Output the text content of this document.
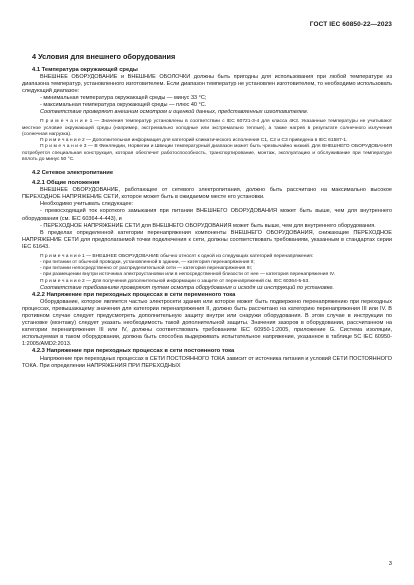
ГОСТ IEC 60850-22—2023
4 Условия для внешнего оборудования
4.1 Температура окружающей среды
ВНЕШНЕЕ ОБОРУДОВАНИЕ и ВНЕШНИЕ ОБОЛОЧКИ должны быть пригодны для использования при любой температуре из диапазона температур, установленного изготовителем. Если диапазон температур не установлен изготовителем, то необходимо использовать следующий диапазон:
- минимальная температура окружающей среды — минус 33 °С;
- максимальная температура окружающей среды — плюс 40 °С.
Соответствие проверяют внешним осмотром и оценкой данных, представленных изготовителем.
П р и м е ч а н и е 1 — Значения температур установлены в соответствии с IEC 60721-3-4 для класса 4K2. Указанные температуры не учитывают местное условие окружающей среды (например, экстремально холодные или экстремально теплые), а также нагрев в результате солнечного излучения (солнечная нагрузка).
П р и м е ч а н и е 2 — Дополнительная информация для категорий климатического исполнения С1, С2 и С3 приведена в IEC 61587-1.
П р и м е ч а н и е 3 — В Финляндии, Норвегии и Швеции температурный диапазон может быть чрезвычайно низкий. Для ВНЕШНЕГО ОБОРУДОВАНИЯ потребуется специальная конструкция, которая обеспечит работоспособность, транспортирование, монтаж, эксплуатацию и обслуживание при температуре вплоть до минус 50 °С.
4.2 Сетевое электропитание
4.2.1 Общие положения
ВНЕШНЕЕ ОБОРУДОВАНИЕ, работающее от сетевого электропитания, должно быть рассчитано на максимально высокое ПЕРЕХОДНОЕ НАПРЯЖЕНИЕ СЕТИ, которое может быть в ожидаемом месте его установки.
Необходимо учитывать следующее:
- превосходящий ток короткого замыкания при питании ВНЕШНЕГО ОБОРУДОВАНИЯ может быть выше, чем для внутреннего оборудования (см. IEC 60364-4-443), и
- ПЕРЕХОДНОЕ НАПРЯЖЕНИЕ СЕТИ для ВНЕШНЕГО ОБОРУДОВАНИЯ может быть выше, чем для внутреннего оборудования.
В пределах определенной категории перенапряжения компоненты ВНЕШНЕГО ОБОРУДОВАНИЯ, снижающие ПЕРЕХОДНОЕ НАПРЯЖЕНИЕ СЕТИ для предполагаемой точки подключения к сети, должны соответствовать требованиям, указанным в стандартах серии IEC 61643.
П р и м е ч а н и е 1 — ВНЕШНЕЕ ОБОРУДОВАНИЕ обычно относят к одной из следующих категорий перенапряжения:
- при питании от обычной проводки, установленной в здании, — категория перенапряжения II;
- при питании непосредственно от распределительной сети — категория перенапряжения III;
- при размещении внутри источника электроустановки или в непосредственной близости от нее — категория перенапряжения IV.
П р и м е ч а н и е 2 — Для получения дополнительной информации о защите от перенапряжений см. IEC 60364-5-53.
Соответствие требованиям проверяют путем осмотра оборудования и исходя из инструкций по установке.
4.2.2 Напряжение при переходных процессах в сети переменного тока
Оборудование, которое является частью электросети здания или которое может быть подвержено перенапряжению при переходных процессах, превышающему значения для категории перенапряжения II, должно быть рассчитано на категорию перенапряжения III или IV. В противном случае следует предусмотреть дополнительную защиту внутри или снаружи оборудования. В этом случае в инструкции по установке (монтажу) следует указать необходимость такой дополнительной защиты. Значения зазоров в оборудовании, рассчитанном на категории перенапряжения III или IV, должны соответствовать требованиям IEC 60950-1:2005, приложение G. Система изоляции, используемая в таком оборудовании, должна быть способна выдерживать испытательное напряжение, указанное в таблице 5C IEC 60950-1:2005/AMD2:2013.
4.2.3 Напряжение при переходных процессах в сети постоянного тока
Напряжение при переходных процессах в СЕТИ ПОСТОЯННОГО ТОКА зависит от источника питания и условий СЕТИ ПОСТОЯННОГО ТОКА. При определении НАПРЯЖЕНИЯ ПРИ ПЕРЕХОДНЫХ
3
